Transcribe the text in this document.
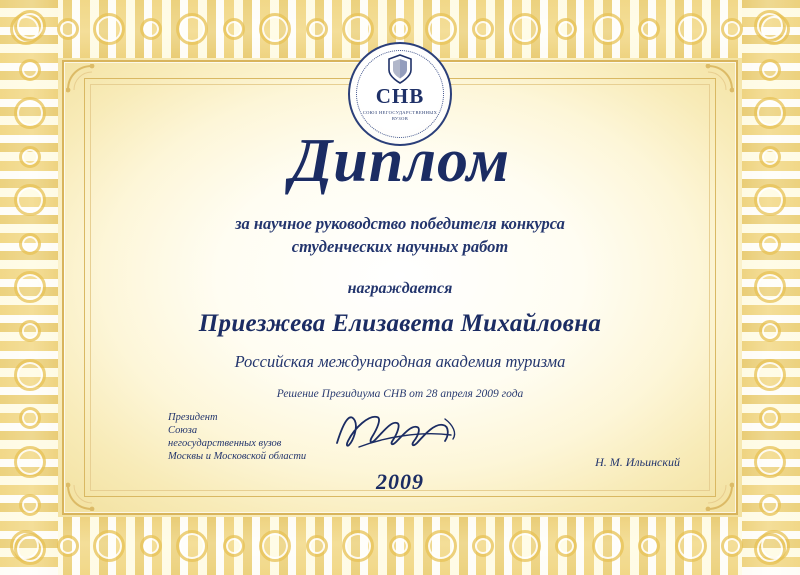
СНВ
СОЮЗ НЕГОСУДАРСТВЕННЫХ ВУЗОВ
Диплом
за научное руководство победителя конкурса
студенческих научных работ
награждается
Приезжева Елизавета Михайловна
Российская международная академия туризма
Решение Президиума СНВ от 28 апреля 2009 года
Президент
Союза
негосударственных вузов
Москвы и Московской области	Н. М. Ильинский
2009
